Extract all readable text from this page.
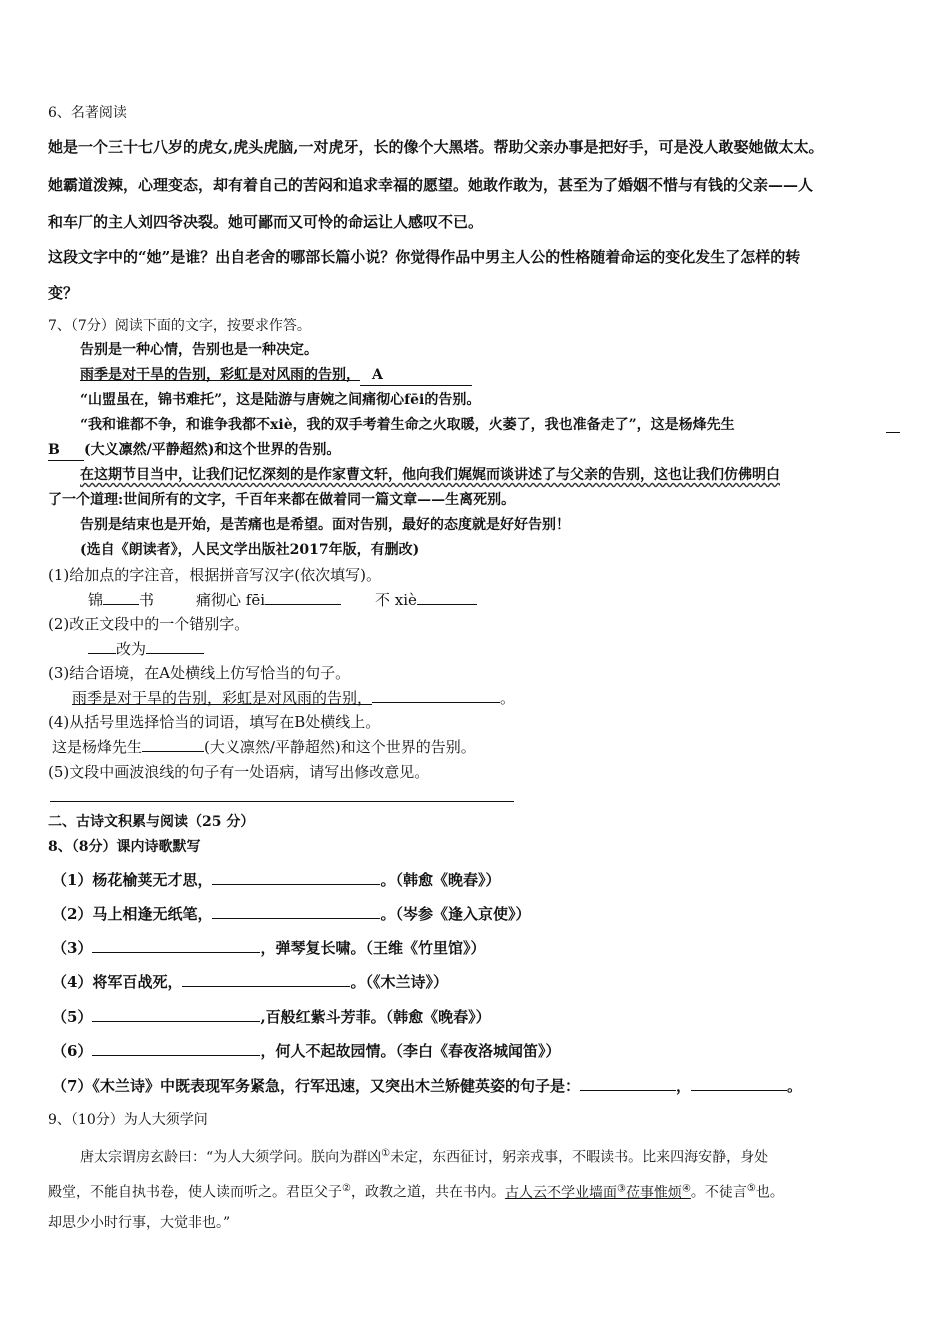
6、名著阅读
她是一个三十七八岁的虎女,虎头虎脑,一对虎牙，长的像个大黑塔。帮助父亲办事是把好手，可是没人敢娶她做太太。
她霸道泼辣，心理变态，却有着自己的苦闷和追求幸福的愿望。她敢作敢为，甚至为了婚姻不惜与有钱的父亲——人
和车厂的主人刘四爷决裂。她可鄙而又可怜的命运让人感叹不已。
这段文字中的“她”是谁？出自老舍的哪部长篇小说？你觉得作品中男主人公的性格随着命运的变化发生了怎样的转
变？
7、（7分）阅读下面的文字，按要求作答。
告别是一种心情，告别也是一种决定。
雨季是对干旱的告别，彩虹是对风雨的告别， A
“山盟虽在，锦书难托”，这是陆游与唐婉之间痛彻心fēi的告别。
“我和谁都不争，和谁争我都不xiè，我的双手考着生命之火取暖，火萎了，我也准备走了”，这是杨烽先生
B (大义凛然/平静超然)和这个世界的告别。
在这期节目当中，让我们记忆深刻的是作家曹文轩，他向我们娓娓而谈讲述了与父亲的告别，这也让我们仿佛明白
了一个道理:世间所有的文字，千百年来都在做着同一篇文章——生离死别。
告别是结束也是开始，是苦痛也是希望。面对告别，最好的态度就是好好告别！
(选自《朗读者》，人民文学出版社2017年版，有删改)
(1)给加点的字注音，根据拼音写汉字(依次填写)。
锦 书	痛彻心 fēi	不 xiè
(2)改正文段中的一个错别字。
改为
(3)结合语境，在A处横线上仿写恰当的句子。
雨季是对于旱的告别，彩虹是对风雨的告别，	。
(4)从括号里选择恰当的词语，填写在B处横线上。
这是杨烽先生	(大义凛然/平静超然)和这个世界的告别。
(5)文段中画波浪线的句子有一处语病，请写出修改意见。
二、古诗文积累与阅读（25 分）
8、（8分）课内诗歌默写
（1）杨花榆荚无才思，	。（韩愈《晚春》）
（2）马上相逢无纸笔，	。（岑参《逢入京使》）
（3）	，弹琴复长啸。（王维《竹里馆》）
（4）将军百战死，	。（《木兰诗》）
（5）	,百般红紫斗芳菲。（韩愈《晚春》）
（6）	，何人不起故园情。（李白《春夜洛城闻笛》）
（7）《木兰诗》中既表现军务紧急，行军迅速，又突出木兰矫健英姿的句子是：	，	。
9、（10分）为人大须学问
唐太宗谓房玄龄曰：“为人大须学问。朕向为群凶①未定，东西征讨，躬亲戎事，不暇读书。比来四海安静，身处
殿堂，不能自执书卷，使人读而听之。君臣父子②，政教之道，共在书内。古人云不学业墙面③莅事惟烦④。不徒言⑤也。
却思少小时行事，大觉非也。”
